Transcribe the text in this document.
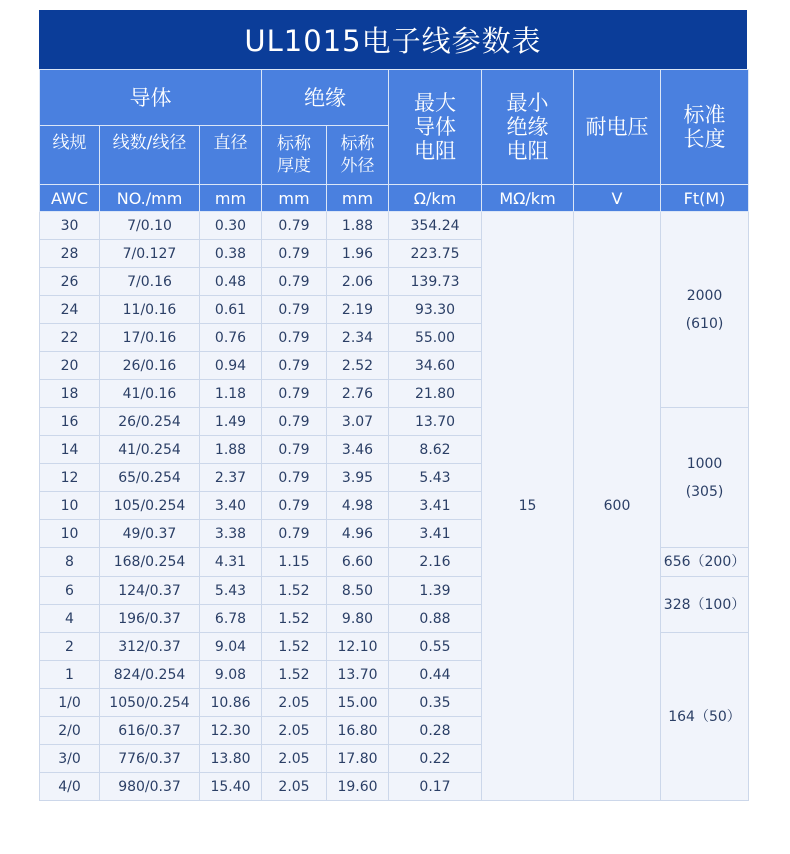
UL1015电子线参数表
导体			绝缘		最大导体电阻	最小绝缘电阻	耐电压	标准长度

线规	线数/线径	直径	标称厚度	标称外径				

AWC	NO./mm	mm	mm	mm	Ω/km	MΩ/km	V	Ft(M)
30	7/0.10	0.30	0.79	1.88	354.24	15	600	2000
(610)

28	7/0.127	0.38	0.79	1.96	223.75			
26	7/0.16	0.48	0.79	2.06	139.73			
24	11/0.16	0.61	0.79	2.19	93.30			
22	17/0.16	0.76	0.79	2.34	55.00			
20	26/0.16	0.94	0.79	2.52	34.60			
18	41/0.16	1.18	0.79	2.76	21.80			
16	26/0.254	1.49	0.79	3.07	13.70			1000
(305)

14	41/0.254	1.88	0.79	3.46	8.62			
12	65/0.254	2.37	0.79	3.95	5.43			
10	105/0.254	3.40	0.79	4.98	3.41			
10	49/0.37	3.38	0.79	4.96	3.41			
8	168/0.254	4.31	1.15	6.60	2.16			656（200）

6	124/0.37	5.43	1.52	8.50	1.39			328（100）

4	196/0.37	6.78	1.52	9.80	0.88			
2	312/0.37	9.04	1.52	12.10	0.55			164（50）

1	824/0.254	9.08	1.52	13.70	0.44			
1/0	1050/0.254	10.86	2.05	15.00	0.35			
2/0	616/0.37	12.30	2.05	16.80	0.28			
3/0	776/0.37	13.80	2.05	17.80	0.22			
4/0	980/0.37	15.40	2.05	19.60	0.17			
